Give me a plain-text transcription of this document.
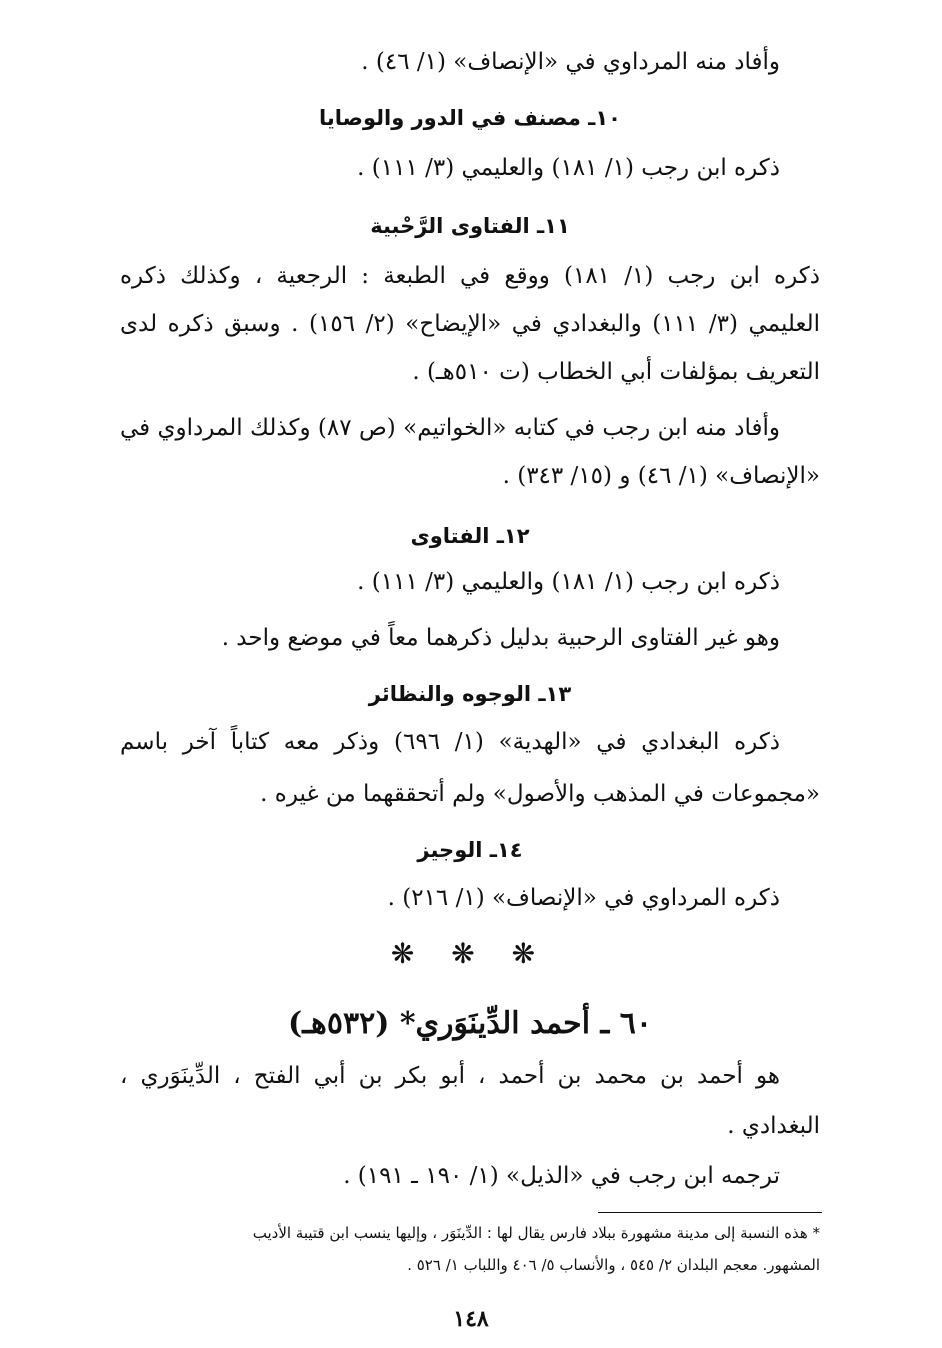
وأفاد منه المرداوي في «الإنصاف» (١/ ٤٦) .
١٠ـ مصنف في الدور والوصايا
ذكره ابن رجب (١/ ١٨١) والعليمي (٣/ ١١١) .
١١ـ الفتاوى الرَّحْبية
ذكره ابن رجب (١/ ١٨١) ووقع في الطبعة : الرجعية ، وكذلك ذكره
العليمي (٣/ ١١١) والبغدادي في «الإيضاح» (٢/ ١٥٦) . وسبق ذكره لدى
التعريف بمؤلفات أبي الخطاب (ت ٥١٠هـ) .
وأفاد منه ابن رجب في كتابه «الخواتيم» (ص ٨٧) وكذلك المرداوي في
«الإنصاف» (١/ ٤٦) و (١٥/ ٣٤٣) .
١٢ـ الفتاوى
ذكره ابن رجب (١/ ١٨١) والعليمي (٣/ ١١١) .
وهو غير الفتاوى الرحبية بدليل ذكرهما معاً في موضع واحد .
١٣ـ الوجوه والنظائر
ذكره البغدادي في «الهدية» (١/ ٦٩٦) وذكر معه كتاباً آخر باسم
«مجموعات في المذهب والأصول» ولم أتحققهما من غيره .
١٤ـ الوجيز
ذكره المرداوي في «الإنصاف» (١/ ٢١٦) .
❋ ❋ ❋
٦٠ ـ أحمد الدِّينَوَري* (٥٣٢هـ)
هو أحمد بن محمد بن أحمد ، أبو بكر بن أبي الفتح ، الدِّينَوَري ،
البغدادي .
ترجمه ابن رجب في «الذيل» (١/ ١٩٠ ـ ١٩١) .
* هذه النسبة إلى مدينة مشهورة ببلاد فارس يقال لها : الدِّينَوَر ، وإليها ينسب ابن قتيبة الأديب
المشهور. معجم البلدان ٢/ ٥٤٥ ، والأنساب ٥/ ٤٠٦ واللباب ١/ ٥٢٦ .
١٤٨
